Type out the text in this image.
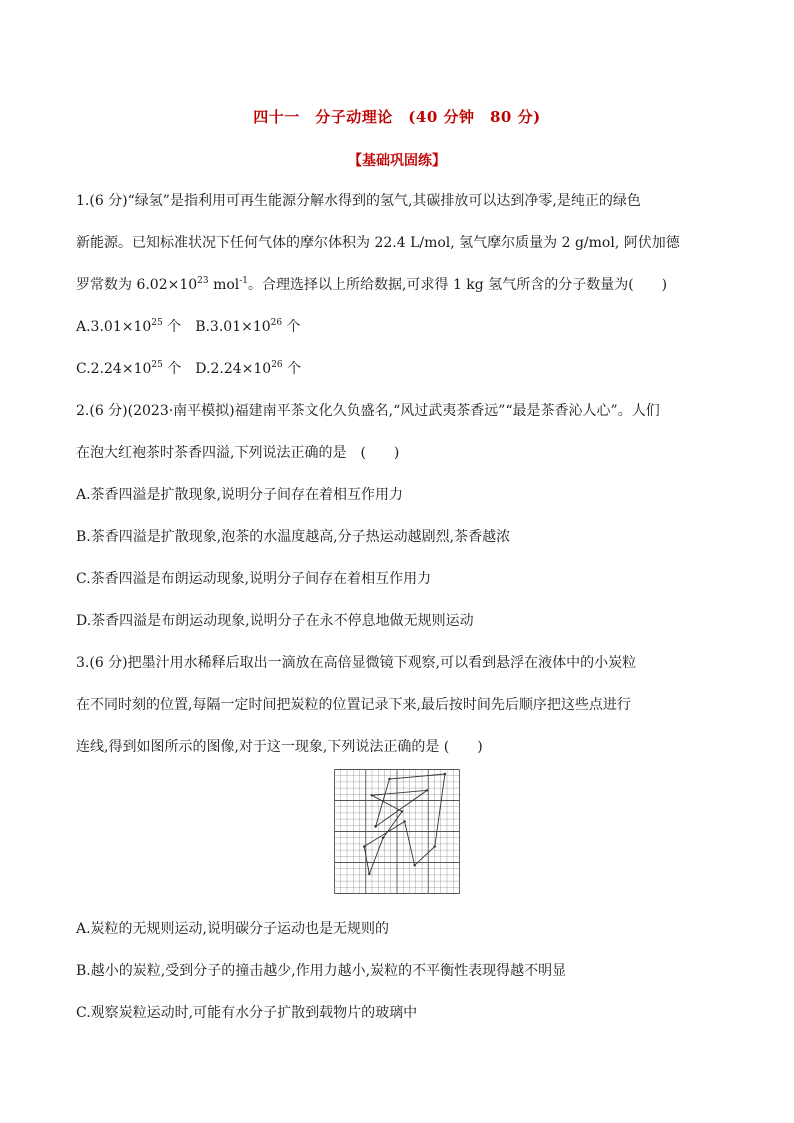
四十一　分子动理论　(40 分钟　80 分)
【基础巩固练】
1.(6 分)“绿氢”是指利用可再生能源分解水得到的氢气,其碳排放可以达到净零,是纯正的绿色
新能源。已知标准状况下任何气体的摩尔体积为 22.4 L/mol, 氢气摩尔质量为 2 g/mol, 阿伏加德
罗常数为 $6.02\times 10^{23}$ mol$^{-1}$。合理选择以上所给数据,可求得 1 kg 氢气所含的分子数量为(　　)
$A.3.01\times 10^{25}$ 个　$B.3.01\times 10^{26}$ 个
$C.2.24\times 10^{25}$ 个　$D.2.24\times 10^{26}$ 个
2.(6 分)(2023·南平模拟)福建南平茶文化久负盛名,“风过武夷茶香远”“最是茶香沁人心”。人们
在泡大红袍茶时茶香四溢,下列说法正确的是　(　　)
A.茶香四溢是扩散现象,说明分子间存在着相互作用力
B.茶香四溢是扩散现象,泡茶的水温度越高,分子热运动越剧烈,茶香越浓
C.茶香四溢是布朗运动现象,说明分子间存在着相互作用力
D.茶香四溢是布朗运动现象,说明分子在永不停息地做无规则运动
3.(6 分)把墨汁用水稀释后取出一滴放在高倍显微镜下观察,可以看到悬浮在液体中的小炭粒
在不同时刻的位置,每隔一定时间把炭粒的位置记录下来,最后按时间先后顺序把这些点进行
连线,得到如图所示的图像,对于这一现象,下列说法正确的是 (　　)
A.炭粒的无规则运动,说明碳分子运动也是无规则的
B.越小的炭粒,受到分子的撞击越少,作用力越小,炭粒的不平衡性表现得越不明显
C.观察炭粒运动时,可能有水分子扩散到载物片的玻璃中
